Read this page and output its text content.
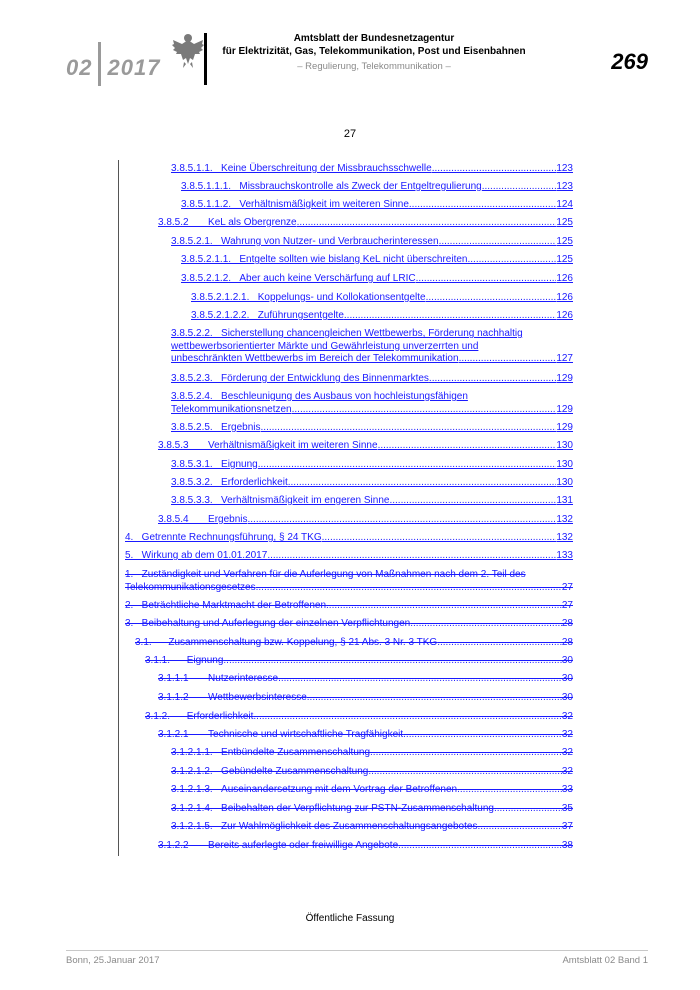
02 2017
Amtsblatt der Bundesnetzagentur
für Elektrizität, Gas, Telekommunikation, Post und Eisenbahnen
– Regulierung, Telekommunikation –	269
27
3.8.5.1.1.   Keine Überschreitung der Missbrauchsschwelle .....	123
3.8.5.1.1.1.   Missbrauchskontrolle als Zweck der Entgeltregulierung .....	123
3.8.5.1.1.2.   Verhältnismäßigkeit im weiteren Sinne .....	124
3.8.5.2       KeL als Obergrenze .....	125
3.8.5.2.1.   Wahrung von Nutzer- und Verbraucherinteressen .....	125
3.8.5.2.1.1.   Entgelte sollten wie bislang KeL nicht überschreiten .....	125
3.8.5.2.1.2.   Aber auch keine Verschärfung auf LRIC .....	126
3.8.5.2.1.2.1.   Koppelungs- und Kollokationsentgelte .....	126
3.8.5.2.1.2.2.   Zuführungsentgelte .....	126
3.8.5.2.2.   Sicherstellung chancengleichen Wettbewerbs, Förderung nachhaltig
wettbewerbsorientierter Märkte und Gewährleistung unverzerrten und
unbeschränkten Wettbewerbs im Bereich der Telekommunikation .....	127
3.8.5.2.3.   Förderung der Entwicklung des Binnenmarktes .....	129
3.8.5.2.4.   Beschleunigung des Ausbaus von hochleistungsfähigen
Telekommunikationsnetzen .....	129
3.8.5.2.5.   Ergebnis .....	129
3.8.5.3       Verhältnismäßigkeit im weiteren Sinne .....	130
3.8.5.3.1.   Eignung .....	130
3.8.5.3.2.   Erforderlichkeit .....	130
3.8.5.3.3.   Verhältnismäßigkeit im engeren Sinne .....	131
3.8.5.4       Ergebnis .....	132
4.   Getrennte Rechnungsführung, § 24 TKG .....	132
5.   Wirkung ab dem 01.01.2017 .....	133
1.   Zuständigkeit und Verfahren für die Auferlegung von Maßnahmen nach dem 2. Teil des
Telekommunikationsgesetzes .....	27
2.   Beträchtliche Marktmacht der Betroffenen .....	27
3.   Beibehaltung und Auferlegung der einzelnen Verpflichtungen .....	28
3.1.      Zusammenschaltung bzw. Koppelung, § 21 Abs. 3 Nr. 3 TKG .....	28
3.1.1.      Eignung .....	30
3.1.1.1       Nutzerinteresse .....	30
3.1.1.2       Wettbewerbsinteresse .....	30
3.1.2.      Erforderlichkeit .....	32
3.1.2.1       Technische und wirtschaftliche Tragfähigkeit .....	32
3.1.2.1.1.   Entbündelte Zusammenschaltung .....	32
3.1.2.1.2.   Gebündelte Zusammenschaltung .....	32
3.1.2.1.3.   Auseinandersetzung mit dem Vortrag der Betroffenen .....	33
3.1.2.1.4.   Beibehalten der Verpflichtung zur PSTN-Zusammenschaltung .....	35
3.1.2.1.5.   Zur Wahlmöglichkeit des Zusammenschaltungsangebotes .....	37
3.1.2.2       Bereits auferlegte oder freiwillige Angebote .....	38
Öffentliche Fassung
Bonn, 25.Januar 2017	Amtsblatt 02 Band 1
